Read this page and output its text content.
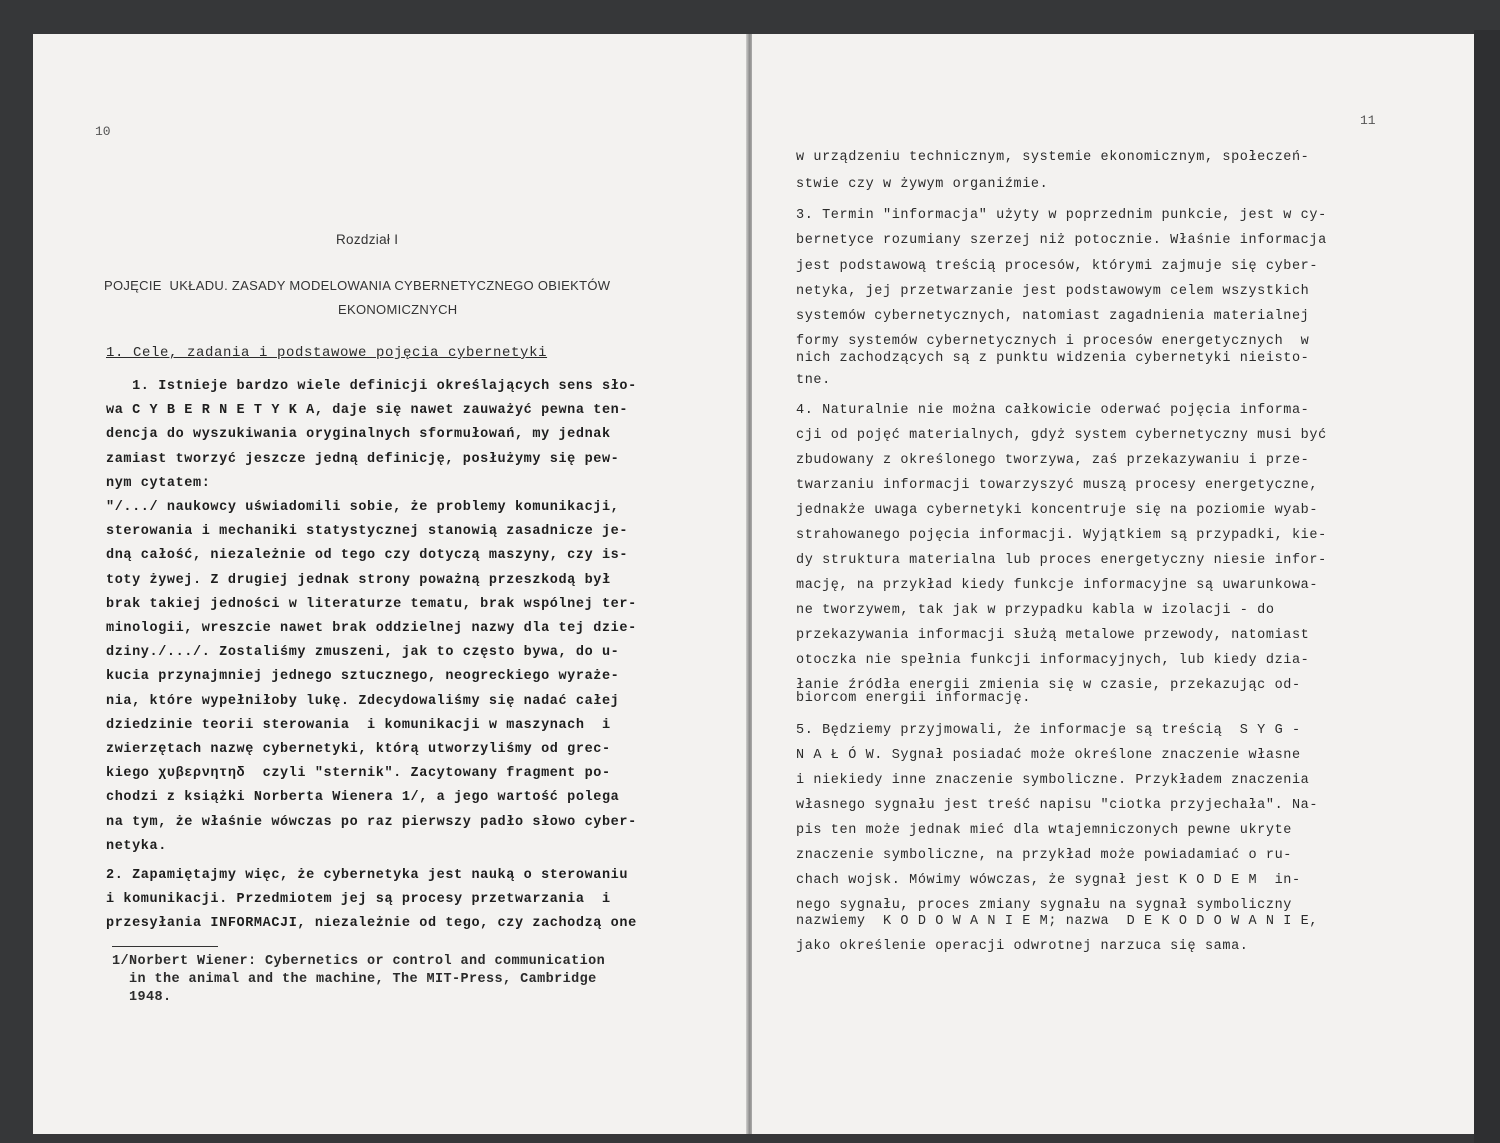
10
Rozdział I
POJĘCIE  UKŁADU. ZASADY MODELOWANIA CYBERNETYCZNEGO OBIEKTÓW
EKONOMICZNYCH
1. Cele, zadania i podstawowe pojęcia cybernetyki
1. Istnieje bardzo wiele definicji określających sens sło-
wa C Y B E R N E T Y K A, daje się nawet zauważyć pewna ten-
dencja do wyszukiwania oryginalnych sformułowań, my jednak
zamiast tworzyć jeszcze jedną definicję, posłużymy się pew-
nym cytatem:
"/.../ naukowcy uświadomili sobie, że problemy komunikacji,
sterowania i mechaniki statystycznej stanowią zasadnicze je-
dną całość, niezależnie od tego czy dotyczą maszyny, czy is-
toty żywej. Z drugiej jednak strony poważną przeszkodą był
brak takiej jedności w literaturze tematu, brak wspólnej ter-
minologii, wreszcie nawet brak oddzielnej nazwy dla tej dzie-
dziny./.../. Zostaliśmy zmuszeni, jak to często bywa, do u-
kucia przynajmniej jednego sztucznego, neogreckiego wyraże-
nia, które wypełniłoby lukę. Zdecydowaliśmy się nadać całej
dziedzinie teorii sterowania  i komunikacji w maszynach  i
zwierzętach nazwę cybernetyki, którą utworzyliśmy od grec-
kiego χυβερνητηδ  czyli "sternik". Zacytowany fragment po-
chodzi z książki Norberta Wienera 1/, a jego wartość polega
na tym, że właśnie wówczas po raz pierwszy padło słowo cyber-
netyka.
2. Zapamiętajmy więc, że cybernetyka jest nauką o sterowaniu
i komunikacji. Przedmiotem jej są procesy przetwarzania  i
przesyłania INFORMACJI, niezależnie od tego, czy zachodzą one
1/Norbert Wiener: Cybernetics or control and communication
in the animal and the machine, The MIT-Press, Cambridge
1948.
11
w urządzeniu technicznym, systemie ekonomicznym, społeczeń-
stwie czy w żywym organiźmie.
3. Termin "informacja" użyty w poprzednim punkcie, jest w cy-
bernetyce rozumiany szerzej niż potocznie. Właśnie informacja
jest podstawową treścią procesów, którymi zajmuje się cyber-
netyka, jej przetwarzanie jest podstawowym celem wszystkich
systemów cybernetycznych, natomiast zagadnienia materialnej
formy systemów cybernetycznych i procesów energetycznych  w
nich zachodzących są z punktu widzenia cybernetyki nieisto-
tne.
4. Naturalnie nie można całkowicie oderwać pojęcia informa-
cji od pojęć materialnych, gdyż system cybernetyczny musi być
zbudowany z określonego tworzywa, zaś przekazywaniu i prze-
twarzaniu informacji towarzyszyć muszą procesy energetyczne,
jednakże uwaga cybernetyki koncentruje się na poziomie wyab-
strahowanego pojęcia informacji. Wyjątkiem są przypadki, kie-
dy struktura materialna lub proces energetyczny niesie infor-
mację, na przykład kiedy funkcje informacyjne są uwarunkowa-
ne tworzywem, tak jak w przypadku kabla w izolacji - do
przekazywania informacji służą metalowe przewody, natomiast
otoczka nie spełnia funkcji informacyjnych, lub kiedy dzia-
łanie źródła energii zmienia się w czasie, przekazując od-
biorcom energii informację.
5. Będziemy przyjmowali, że informacje są treścią  S Y G -
N A Ł Ó W. Sygnał posiadać może określone znaczenie własne
i niekiedy inne znaczenie symboliczne. Przykładem znaczenia
własnego sygnału jest treść napisu "ciotka przyjechała". Na-
pis ten może jednak mieć dla wtajemniczonych pewne ukryte
znaczenie symboliczne, na przykład może powiadamiać o ru-
chach wojsk. Mówimy wówczas, że sygnał jest K O D E M  in-
nego sygnału, proces zmiany sygnału na sygnał symboliczny
nazwiemy  K O D O W A N I E M; nazwa  D E K O D O W A N I E,
jako określenie operacji odwrotnej narzuca się sama.
